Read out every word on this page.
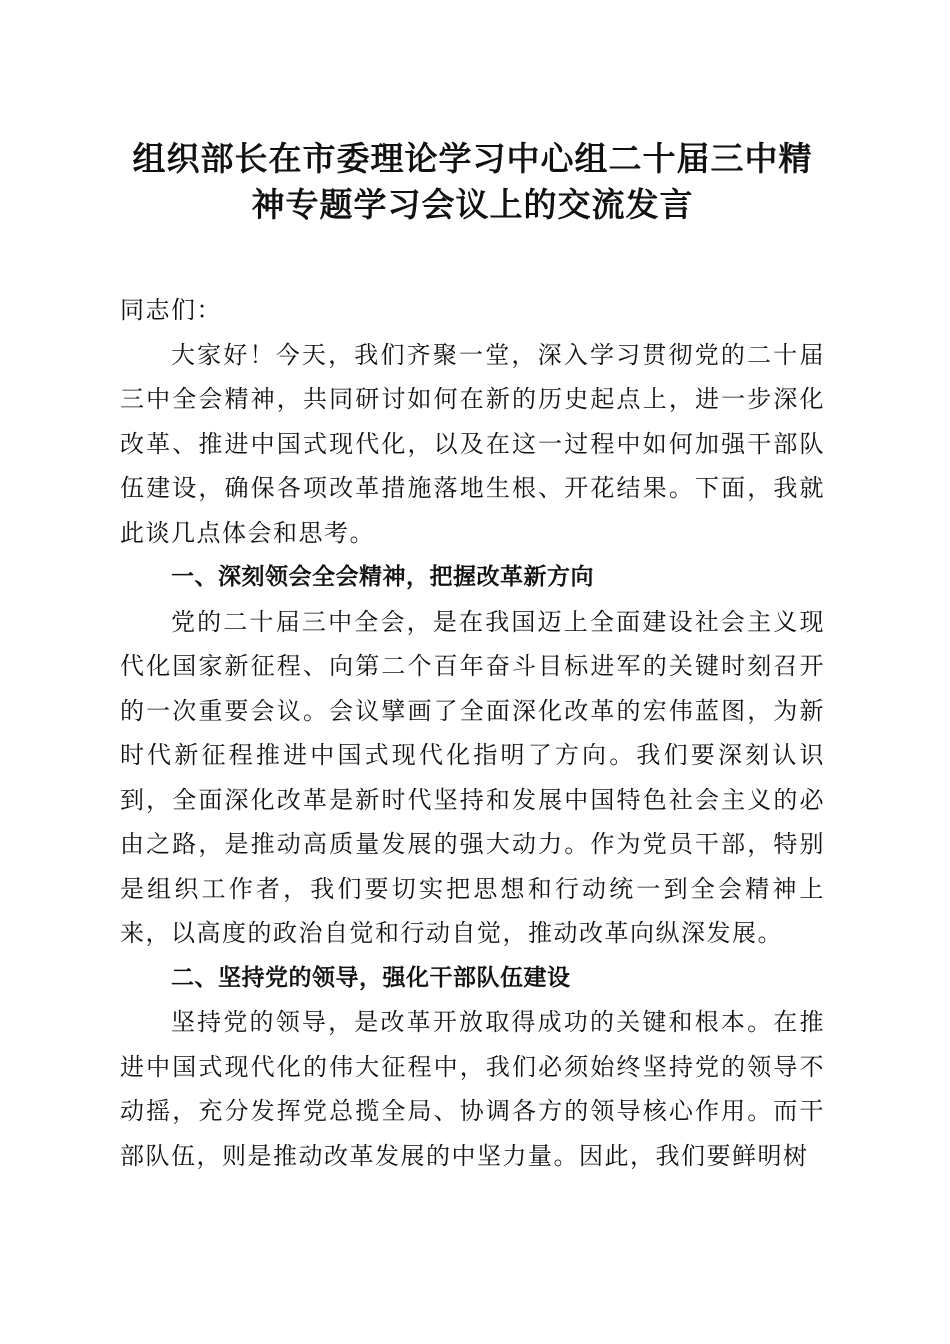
组织部长在市委理论学习中心组二十届三中精
神专题学习会议上的交流发言

同志们：

大家好！今天，我们齐聚一堂，深入学习贯彻党的二十届三中全会精神，共同研讨如何在新的历史起点上，进一步深化改革、推进中国式现代化，以及在这一过程中如何加强干部队伍建设，确保各项改革措施落地生根、开花结果。下面，我就此谈几点体会和思考。

一、深刻领会全会精神，把握改革新方向

党的二十届三中全会，是在我国迈上全面建设社会主义现代化国家新征程、向第二个百年奋斗目标进军的关键时刻召开的一次重要会议。会议擘画了全面深化改革的宏伟蓝图，为新时代新征程推进中国式现代化指明了方向。我们要深刻认识到，全面深化改革是新时代坚持和发展中国特色社会主义的必由之路，是推动高质量发展的强大动力。作为党员干部，特别是组织工作者，我们要切实把思想和行动统一到全会精神上来，以高度的政治自觉和行动自觉，推动改革向纵深发展。

二、坚持党的领导，强化干部队伍建设

坚持党的领导，是改革开放取得成功的关键和根本。在推进中国式现代化的伟大征程中，我们必须始终坚持党的领导不动摇，充分发挥党总揽全局、协调各方的领导核心作用。而干部队伍，则是推动改革发展的中坚力量。因此，我们要鲜明树
